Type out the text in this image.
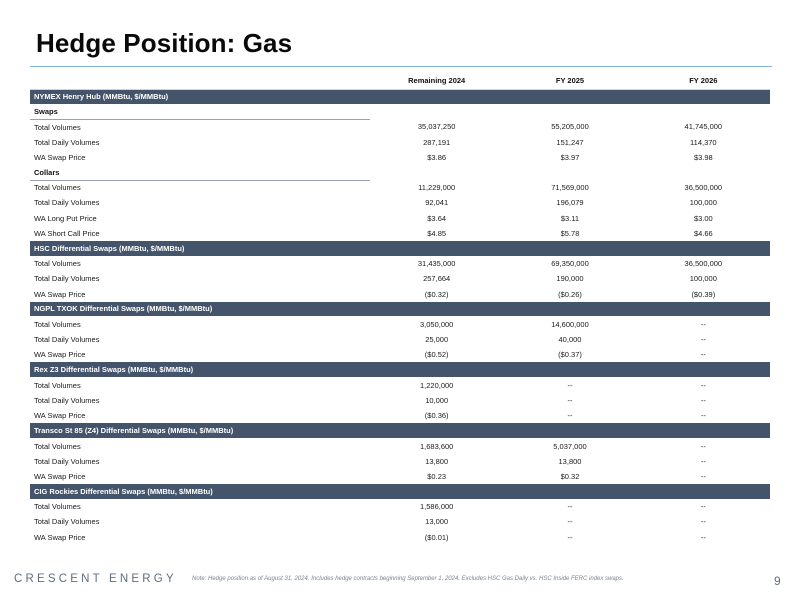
Hedge Position: Gas
	Remaining 2024	FY 2025	FY 2026
NYMEX Henry Hub (MMBtu, $/MMBtu)			
Swaps			
Total Volumes	35,037,250	55,205,000	41,745,000
Total Daily Volumes	287,191	151,247	114,370
WA Swap Price	$3.86	$3.97	$3.98
Collars			
Total Volumes	11,229,000	71,569,000	36,500,000
Total Daily Volumes	92,041	196,079	100,000
WA Long Put Price	$3.64	$3.11	$3.00
WA Short Call Price	$4.85	$5.78	$4.66
HSC Differential Swaps (MMBtu, $/MMBtu)			
Total Volumes	31,435,000	69,350,000	36,500,000
Total Daily Volumes	257,664	190,000	100,000
WA Swap Price	($0.32)	($0.26)	($0.39)
NGPL TXOK Differential Swaps (MMBtu, $/MMBtu)			
Total Volumes	3,050,000	14,600,000	--
Total Daily Volumes	25,000	40,000	--
WA Swap Price	($0.52)	($0.37)	--
Rex Z3 Differential Swaps (MMBtu, $/MMBtu)			
Total Volumes	1,220,000	--	--
Total Daily Volumes	10,000	--	--
WA Swap Price	($0.36)	--	--
Transco St 85 (Z4) Differential Swaps (MMBtu, $/MMBtu)			
Total Volumes	1,683,600	5,037,000	--
Total Daily Volumes	13,800	13,800	--
WA Swap Price	$0.23	$0.32	--
CIG Rockies Differential Swaps (MMBtu, $/MMBtu)			
Total Volumes	1,586,000	--	--
Total Daily Volumes	13,000	--	--
WA Swap Price	($0.01)	--	--
CRESCENT ENERGY	Note: Hedge position as of August 31, 2024. Includes hedge contracts beginning September 1, 2024. Excludes HSC Gas Daily vs. HSC Inside FERC index swaps.	9
